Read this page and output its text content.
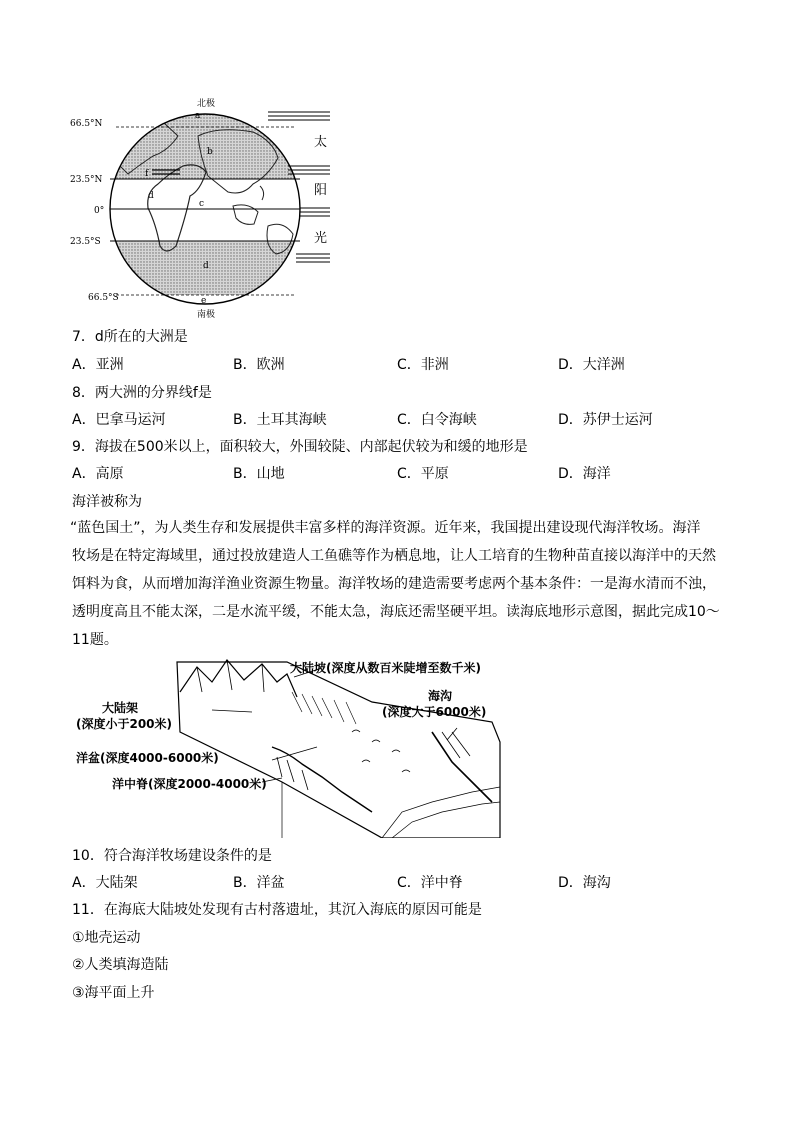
北极
南极
66.5°N
23.5°N
0°
23.5°S
66.5°S
a
b
c
d
d
e
f
太
阳
光
7．d所在的大洲是
A．亚洲	B．欧洲	C．非洲	D．大洋洲
8．两大洲的分界线f是
A．巴拿马运河	B．土耳其海峡	C．白令海峡	D．苏伊士运河
9．海拔在500米以上，面积较大，外围较陡、内部起伏较为和缓的地形是
A．高原	B．山地	C．平原	D．海洋
海洋被称为
“蓝色国土”，为人类生存和发展提供丰富多样的海洋资源。近年来，我国提出建设现代海洋牧场。海洋
牧场是在特定海域里，通过投放建造人工鱼礁等作为栖息地，让人工培育的生物种苗直接以海洋中的天然
饵料为食，从而增加海洋渔业资源生物量。海洋牧场的建造需要考虑两个基本条件：一是海水清而不浊，
透明度高且不能太深，二是水流平缓，不能太急，海底还需坚硬平坦。读海底地形示意图，据此完成10～
11题。
大陆坡(深度从数百米陡增至数千米)
大陆架
(深度小于200米)
洋盆(深度4000-6000米)
洋中脊(深度2000-4000米)
海沟
(深度大于6000米)
10．符合海洋牧场建设条件的是
A．大陆架	B．洋盆	C．洋中脊	D．海沟
11．在海底大陆坡处发现有古村落遗址，其沉入海底的原因可能是
①地壳运动
②人类填海造陆
③海平面上升
